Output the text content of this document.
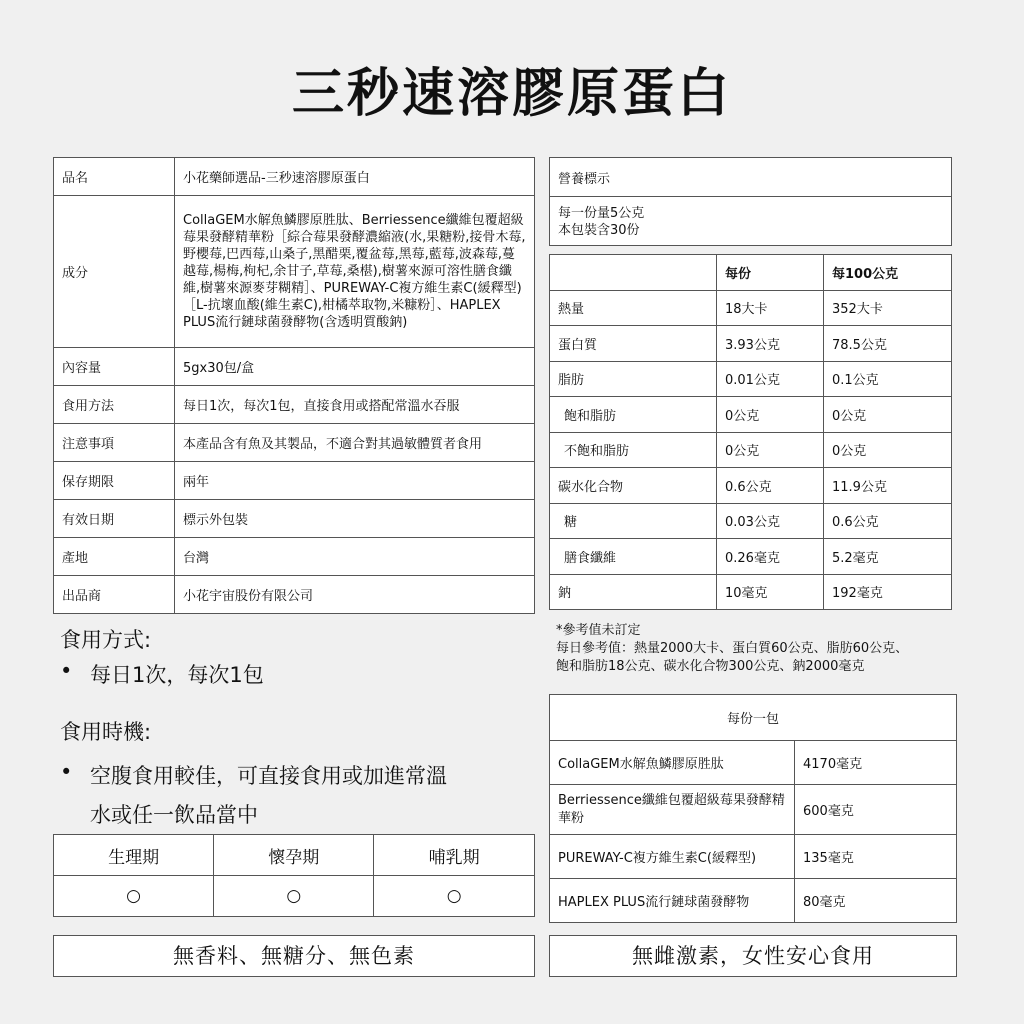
三秒速溶膠原蛋白
品名	小花藥師選品-三秒速溶膠原蛋白
成分	CollaGEM水解魚鱗膠原胜肽、Berriessence纖維包覆超級莓果發酵精華粉［綜合莓果發酵濃縮液(水,果糖粉,接骨木莓,野櫻莓,巴西莓,山桑子,黑醋栗,覆盆莓,黑莓,藍莓,波森莓,蔓越莓,楊梅,枸杞,余甘子,草莓,桑椹),樹薯來源可溶性膳食纖維,樹薯來源麥芽糊精］、PUREWAY-C複方維生素C(緩釋型)［L-抗壞血酸(維生素C),柑橘萃取物,米糠粉］、HAPLEX PLUS流行鏈球菌發酵物(含透明質酸鈉)
內容量	5gx30包/盒
食用方法	每日1次，每次1包，直接食用或搭配常溫水吞服
注意事項	本產品含有魚及其製品，不適合對其過敏體質者食用
保存期限	兩年
有效日期	標示外包裝
產地	台灣
出品商	小花宇宙股份有限公司
營養標示
每一份量5公克
本包裝含30份
	每份	每100公克
熱量	18大卡	352大卡
蛋白質	3.93公克	78.5公克
脂肪	0.01公克	0.1公克
飽和脂肪	0公克	0公克
不飽和脂肪	0公克	0公克
碳水化合物	0.6公克	11.9公克
糖	0.03公克	0.6公克
膳食纖維	0.26毫克	5.2毫克
鈉	10毫克	192毫克
*參考值未訂定
每日參考值：熱量2000大卡、蛋白質60公克、脂肪60公克、
飽和脂肪18公克、碳水化合物300公克、鈉2000毫克
每份一包	
CollaGEM水解魚鱗膠原胜肽	4170毫克
Berriessence纖維包覆超級莓果發酵精華粉	600毫克
PUREWAY-C複方維生素C(緩釋型)	135毫克
HAPLEX PLUS流行鏈球菌發酵物	80毫克
食用方式:
• 每日1次，每次1包
食用時機:
• 空腹食用較佳，可直接食用或加進常溫
水或任一飲品當中
生理期	懷孕期	哺乳期
○	○	○
無香料、無糖分、無色素	無雌激素，女性安心食用
